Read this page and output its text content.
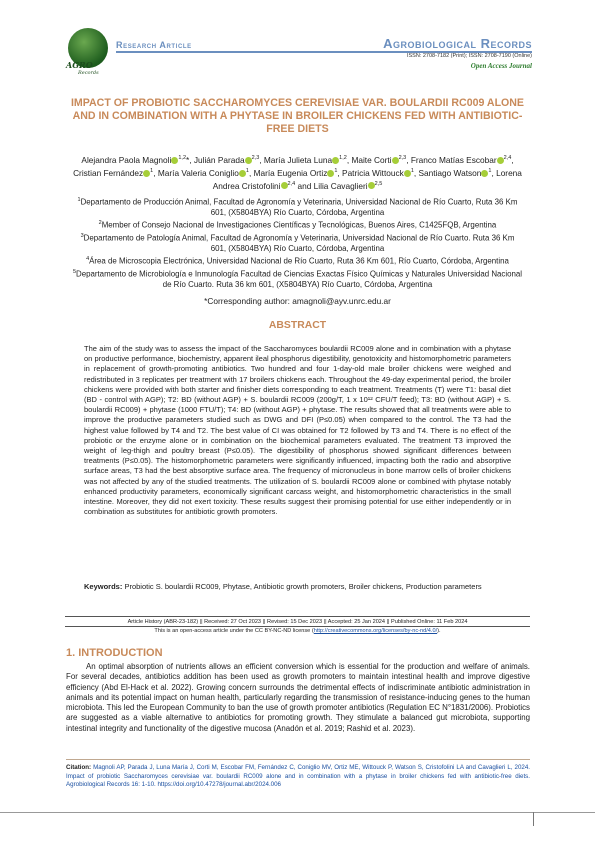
AGRO
Records
Research Article	Agrobiological Records
ISSN: 2708-7182 (Print); ISSN: 2708-7190 (Online)
Open Access Journal
IMPACT OF PROBIOTIC SACCHAROMYCES CEREVISIAE VAR. BOULARDII RC009 ALONE AND IN COMBINATION WITH A PHYTASE IN BROILER CHICKENS FED WITH ANTIBIOTIC-FREE DIETS
Alejandra Paola Magnoli $^{1,2}$*, Julián Parada $^{2,3}$, María Julieta Luna $^{1,2}$, Maite Corti $^{2,3}$, Franco Matías Escobar $^{2,4}$, Cristian Fernández $^1$, María Valeria Coniglio $^1$, María Eugenia Ortiz $^1$, Patricia Wittouck $^1$, Santiago Watson $^1$, Lorena Andrea Cristofolini $^{2,4}$ and Lilia Cavaglieri $^{2,5}$

$^1$Departamento de Producción Animal, Facultad de Agronomía y Veterinaria, Universidad Nacional de Río Cuarto, Ruta 36 Km 601, (X5804BYA) Río Cuarto, Córdoba, Argentina

$^2$Member of Consejo Nacional de Investigaciones Científicas y Tecnológicas, Buenos Aires, C1425FQB, Argentina

$^3$Departamento de Patología Animal, Facultad de Agronomía y Veterinaria, Universidad Nacional de Río Cuarto. Ruta 36 Km 601, (X5804BYA) Río Cuarto, Córdoba, Argentina

$^4$Área de Microscopia Electrónica, Universidad Nacional de Río Cuarto, Ruta 36 Km 601, Río Cuarto, Córdoba, Argentina

$^5$Departamento de Microbiología e Inmunología Facultad de Ciencias Exactas Físico Químicas y Naturales Universidad Nacional de Río Cuarto. Ruta 36 km 601, (X5804BYA) Río Cuarto, Córdoba, Argentina

*Corresponding author: amagnoli@ayv.unrc.edu.ar
ABSTRACT
The aim of the study was to assess the impact of the Saccharomyces boulardii RC009 alone and in combination with a phytase on productive performance, biochemistry, apparent ileal phosphorus digestibility, genotoxicity and histomorphometric parameters in replacement of growth-promoting antibiotics. Two hundred and four 1-day-old male broiler chickens were weighed and redistributed in 3 replicates per treatment with 17 broilers chickens each. Throughout the 49-day experimental period, the broiler chickens were provided with both starter and finisher diets corresponding to each treatment. Treatments (T) were T1: basal diet (BD - control with AGP); T2: BD (without AGP) + S. boulardii RC009 (200g/T, 1 x 10¹² CFU/T feed); T3: BD (without AGP) + S. boulardii RC009) + phytase (1000 FTU/T); T4: BD (without AGP) + phytase. The results showed that all treatments were able to improve the productive parameters studied such as DWG and DFI (P≤0.05) when compared to the control. The T3 had the highest value followed by T4 and T2. The best value of CI was obtained for T2 followed by T3 and T4. There is no effect of the probiotic or the enzyme alone or in combination on the biochemical parameters evaluated. The treatment T3 improved the weight of leg-thigh and poultry breast (P≤0.05). The digestibility of phosphorus showed significant differences between treatments (P≤0.05). The histomorphometric parameters were significantly influenced, impacting both the radio and absorptive surface areas, T3 had the best absorptive surface area. The frequency of micronucleus in bone marrow cells of broiler chickens was not affected by any of the studied treatments. The utilization of S. boulardii RC009 alone or combined with phytase notably enhanced productivity parameters, economically significant carcass weight, and histomorphometric characteristics in the small intestine. Moreover, they did not exert toxicity. These results suggest their promising potential for use either independently or in combination as substitutes for antibiotic growth promoters.
Keywords: Probiotic S. boulardii RC009, Phytase, Antibiotic growth promoters, Broiler chickens, Production parameters
Article History (ABR-23-182) || Received: 27 Oct 2023 || Revised: 15 Dec 2023 || Accepted: 25 Jan 2024 || Published Online: 11 Feb 2024
This is an open-access article under the CC BY-NC-ND license (http://creativecommons.org/licenses/by-nc-nd/4.0/).
1. INTRODUCTION
An optimal absorption of nutrients allows an efficient conversion which is essential for the production and welfare of animals. For several decades, antibiotics addition has been used as growth promoters to maintain intestinal health and improve digestive efficiency (Abd El-Hack et al. 2022). Growing concern surrounds the detrimental effects of indiscriminate antibiotic administration in animals and its potential impact on human health, particularly regarding the transmission of resistance-inducing genes to the human microbiota. This led the European Community to ban the use of growth promoter antibiotics (Regulation EC N°1831/2006). Probiotics are suggested as a viable alternative to antibiotics for promoting growth. They stimulate a balanced gut microbiota, supporting intestinal integrity and functionality of the digestive mucosa (Anadón et al. 2019; Rashid et al. 2023).
Citation: Magnoli AP, Parada J, Luna María J, Corti M, Escobar FM, Fernández C, Coniglio MV, Ortiz ME, Wittouck P, Watson S, Cristofolini LA and Cavaglieri L, 2024. Impact of probiotic Saccharomyces cerevisiae var. boulardii RC009 alone and in combination with a phytase in broiler chickens fed with antibiotic-free diets. Agrobiological Records 16: 1-10. https://doi.org/10.47278/journal.abr/2024.006
